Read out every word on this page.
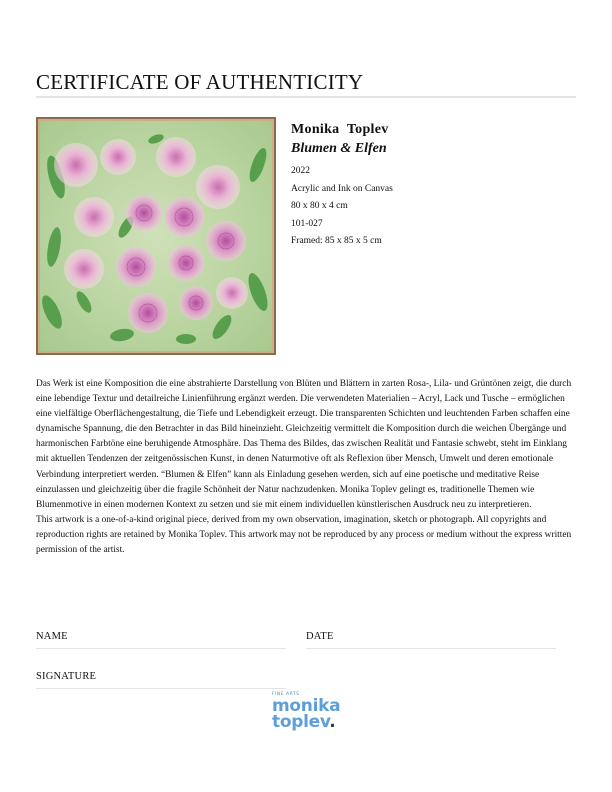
CERTIFICATE OF AUTHENTICITY
Monika  Toplev
Blumen & Elfen
2022
Acrylic and Ink on Canvas
80 x 80 x 4 cm
101-027
Framed: 85 x 85 x 5 cm

Das Werk ist eine Komposition die eine abstrahierte Darstellung von Blüten und Blättern in zarten Rosa-, Lila- und Grüntönen zeigt, die durch eine lebendige Textur und detailreiche Linienführung ergänzt werden. Die verwendeten Materialien – Acryl, Lack und Tusche – ermöglichen eine vielfältige Oberflächengestaltung, die Tiefe und Lebendigkeit erzeugt. Die transparenten Schichten und leuchtenden Farben schaffen eine dynamische Spannung, die den Betrachter in das Bild hineinzieht. Gleichzeitig vermittelt die Komposition durch die weichen Übergänge und harmonischen Farbtöne eine beruhigende Atmosphäre. Das Thema des Bildes, das zwischen Realität und Fantasie schwebt, steht im Einklang mit aktuellen Tendenzen der zeitgenössischen Kunst, in denen Naturmotive oft als Reflexion über Mensch, Umwelt und deren emotionale Verbindung interpretiert werden. “Blumen & Elfen” kann als Einladung gesehen werden, sich auf eine poetische und meditative Reise einzulassen und gleichzeitig über die fragile Schönheit der Natur nachzudenken. Monika Toplev gelingt es, traditionelle Themen wie Blumenmotive in einen modernen Kontext zu setzen und sie mit einem individuellen künstlerischen Ausdruck neu zu interpretieren.

This artwork is a one-of-a-kind original piece, derived from my own observation, imagination, sketch or photograph. All copyrights and reproduction rights are retained by Monika Toplev. This artwork may not be reproduced by any process or medium without the express written permission of the artist.

NAME	DATE
SIGNATURE
FINE ARTS
monika
toplev.
